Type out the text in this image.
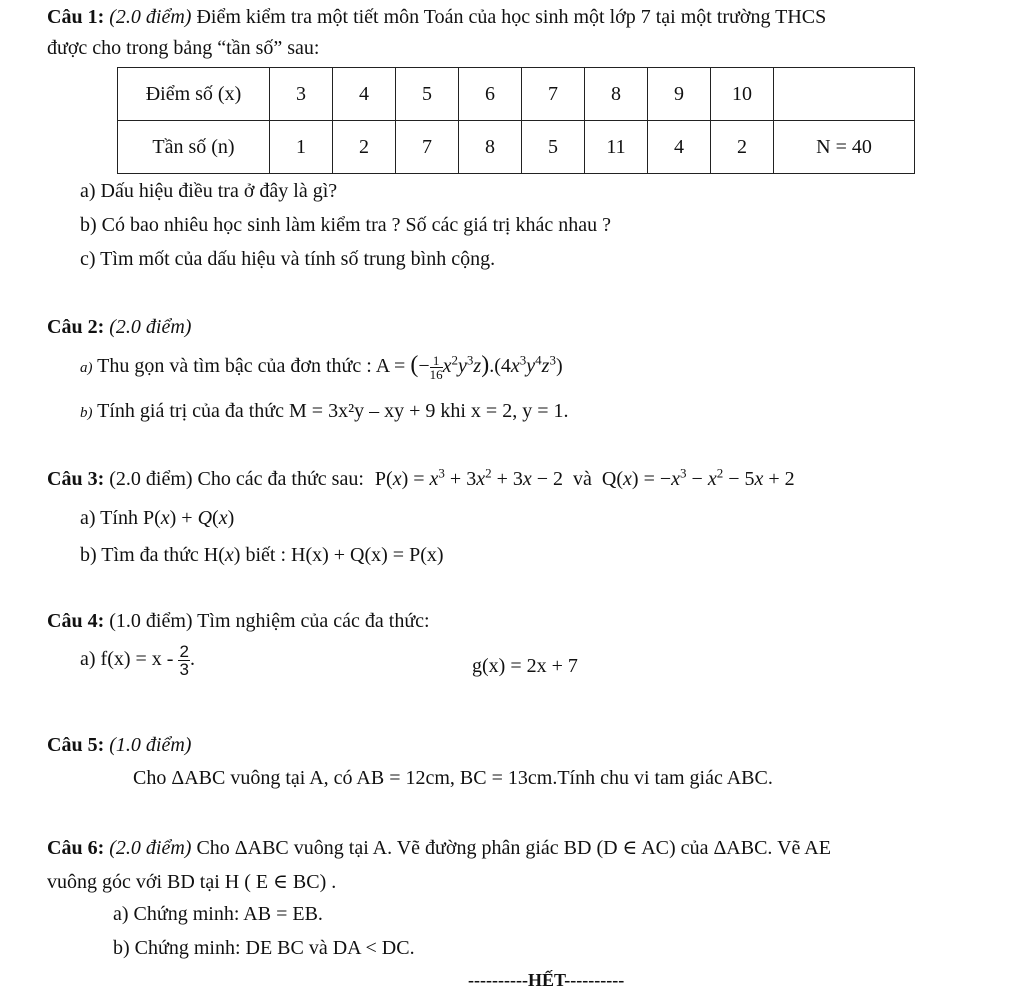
Câu 1: (2.0 điểm) Điểm kiểm tra một tiết môn Toán của học sinh một lớp 7 tại một trường THCS
được cho trong bảng “tần số” sau:
Điểm số (x)	3	4	5	6	7	8	9	10	
Tần số (n)	1	2	7	8	5	11	4	2	N = 40
a) Dấu hiệu điều tra ở đây là gì?
b) Có bao nhiêu học sinh làm kiểm tra ? Số các giá trị khác nhau ?
c) Tìm mốt của dấu hiệu và tính số trung bình cộng.
Câu 2: (2.0 điểm)
a) Thu gọn và tìm bậc của đơn thức : A = (− $\frac{1}{16} x^2y^3z).(4x^3y^4z^3)$
b) Tính giá trị của đa thức M = 3x²y – xy + 9 khi x = 2, y = 1.
Câu 3: (2.0 điểm) Cho các đa thức sau: $P(x) = x^3 + 3x^2 + 3x - 2$  và  $Q(x) = -x^3 - x^2 - 5x + 2$
a) Tính P(x) + Q(x)
b) Tìm đa thức H(x) biết : H(x) + Q(x) = P(x)
Câu 4: (1.0 điểm) Tìm nghiệm của các đa thức:
a) $f(x) = x - \frac{2}{3}$ .	g(x) = 2x + 7
Câu 5: (1.0 điểm)
Cho ΔABC vuông tại A, có AB = 12cm, BC = 13cm.Tính chu vi tam giác ABC.
Câu 6: (2.0 điểm) Cho ΔABC vuông tại A. Vẽ đường phân giác BD (D ∈ AC) của ΔABC. Vẽ AE
vuông góc với BD tại H ( E ∈ BC) .
a) Chứng minh: AB = EB.
b) Chứng minh: DE BC và DA < DC.
----------HẾT----------
